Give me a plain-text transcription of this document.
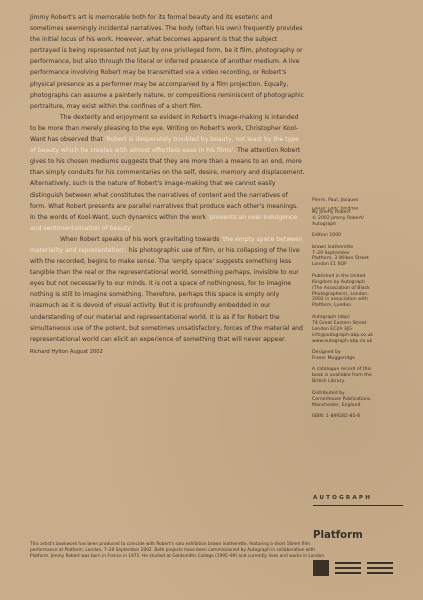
Jimmy Robert's art is memorable both for its formal beauty and its esoteric and sometimes seemingly incidental narratives. The body (often his own) frequently provides the initial locus of his work. However, what becomes apparent is that the subject portrayed is being represented not just by one privileged form, be it film, photography or performance, but also through the literal or inferred presence of another medium. A live performance involving Robert may be transmitted via a video recording, or Robert's physical presence as a performer may be accompanied by a film projection. Equally, photographs can assume a painterly nature, or compositions reminiscent of photographic portraiture, may exist within the confines of a short film.

The dexterity and enjoyment so evident in Robert's image-making is intended to be more than merely pleasing to the eye. Writing on Robert's work, Christopher Kool-Want has observed that 'Robert is desperately troubled by beauty, not least by the type of beauty which he creates with almost effortless ease in his films'. The attention Robert gives to his chosen mediums suggests that they are more than a means to an end, more than simply conduits for his commentaries on the self, desire, memory and displacement. Alternatively, such is the nature of Robert's image-making that we cannot easily distinguish between what constitutes the narratives of content and the narratives of form. What Robert presents are parallel narratives that produce each other's meanings. In the words of Kool-Want, such dynamics within the work 'prevents an over-indulgence and sentimentalisation of beauty'.

When Robert speaks of his work gravitating towards 'the empty space between materiality and representation', his photographic use of film, or his collapsing of the live with the recorded, begins to make sense. The 'empty space' suggests something less tangible than the real or the representational world, something perhaps, invisible to our eyes but not necessarily to our minds. It is not a space of nothingness, for to imagine nothing is still to imagine something. Therefore, perhaps this space is empty only inasmuch as it is devoid of visual activity. But it is profoundly embedded in our understanding of our material and representational world. It is as if for Robert the simultaneous use of the potent, but sometimes unsatisfactory, forces of the material and representational world can elicit an experience of something that will never appear.

Richard Hylton August 2002

This artist's bookwork has been produced to coincide with Robert's solo exhibition brown leatherette, featuring a short 16mm film performance at Platform, London, 7–29 September 2002. Both projects have been commissioned by Autograph in collaboration with Platform. Jimmy Robert was born in France in 1975. He studied at Goldsmiths College (1995–99) and currently lives and works in London.
Pierre, Paul, Jacques
Pierre, Paul, Jacques
By Jimmy Robert
© 2002 Jimmy Robert/
Autograph
Edition 1000
brown leatherette
7–29 September
Platform, 3 Wilkes Street
London E1 6QF
Published in the United
Kingdom by Autograph
(The Association of Black
Photographers), London,
2002 in association with
Platform, London
Autograph (abp)
74 Great Eastern Street
London EC2A 3JG
info@autograph-abp.co.uk
www.autograph-abp.co.uk
Designed by
Fraser Muggeridge
A catalogue record of this
book is available from the
British Library.
Distributed by
Cornerhouse Publications,
Manchester, England.
ISBN: 1-899282-85-8
AUTOGRAPH
Platform
